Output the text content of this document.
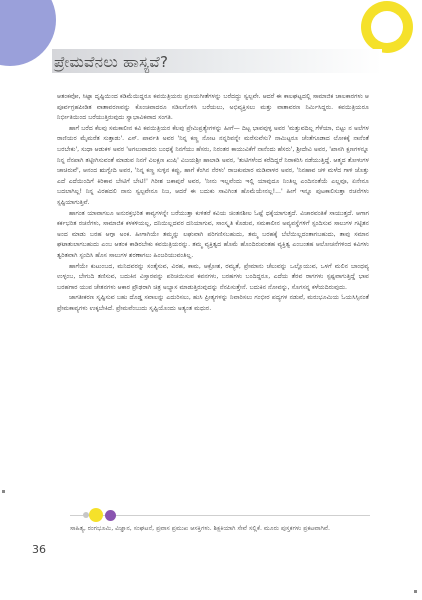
ಪ್ರೇಮವೆನಲು ಹಾಸ್ಯವೆ?

ಆತಂಕವೋ, ಸಿಟ್ಟಾ ದೃಷ್ಟಿಯಿಂದ ಕಡಿಮೆಯಿದ್ದರೂ ಕವಯಿತ್ರಿಯರು ಪ್ರಣಯಗೀತೆಗಳನ್ನು ಬರೆದದ್ದು ಸ್ವಲ್ಪವೇ. ಆದರೆ ಈ ಕಾಲಘಟ್ಟದಲ್ಲಿ ಸಾಮಾಜಿಕ ಚಾಲಕಾರಗಳು ಆ ಪೂರ್ವಗ್ರಹಪೀಡಿತ ವಾತಾವರಣವನ್ನು ಕೊಂಚವಾದರೂ ಸಡಿಲಗೊಳಿಸಿ ಬರೆಯಲು, ಅಭಿವ್ಯಕ್ತಿಸಲು ಮತ್ತು ವಾತಾವರಣ ನಿರ್ಮಿಸಿದ್ದರು. ಕವಯಿತ್ರಿಯರೂ ನಿರ್ಭೀತಿಯಿಂದ ಬರೆಯುತ್ತಿರುವುದು ಸ್ವಾಭಾವಿಕವಾದ ಸಂಗತಿ.

ಹಾಗೆ ಬರೆದ ಕೆಲವು ಸಮಕಾಲೀನ ಕವಿ ಕವಯಿತ್ರಿಯರ ಕೆಲವು ಪ್ರೇಮಿಪ್ರತ್ಯೇಗಳನ್ನು ಹೀಗೆ— ದಿಟ್ಟ ಭಾವವುಳ್ಳ ಅವರ 'ಮತ್ತುವದಿಲ್ಲ ಗೆಳೆಯಾ, ಬಿಟ್ಟು ನ ಅಲೆಗಳ ರಾಣಿಯರ ಮೈಮರೆತ ಸುತ್ತಾಡು'. ಎಸ್. ಪಾರ್ವತಿ ಅವರ 'ನಿನ್ನ ಕಣ್ಣ ನೋಟ ನನ್ನರಿವನ್ನೇ ಮರೆಸುವೆಸು? ನಾಮಿಟ್ಟರೂ ಚೆಂತೆಗೂಡಾದ ಲೋಕಕ್ಕೆ ನಾನೆಂತೆ ಬರಬೇಕು', ಸುಧಾ ಆಡುಕಳ ಅವರ 'ಅಗಲುವಾದರು ಬಂಧಕ್ಕೆ ನಿನಗೆಯು ಹೆಸರು, ನಿರಂತರ ಕಾಯುವಿಕೆಗೆ ನಾನೆಂದು ಹೆಸರು', ಶ್ರೀದೇವಿ ಅವರ, 'ಖಾಸಗಿ ಕ್ಷಣಗಳನ್ನೂ ನಿನ್ನ ನೆನಪಾಗಿ ತಟ್ಟೀಗಿಸುವಂತೆ ಮಾಡುವ ನಿನಗೆ ವಿಲಕ್ಷಣ ಖುಷಿ' ವಿಜಯಶ್ರೀ ಹಾಲಾಡಿ ಅವರ, 'ತುಟಿಗಳೆಂದ ಕರೆದಿದ್ದರೆ ನಿರಾಕರಿಸಿ ನಡೆಯುತ್ತಿದ್ದೆ. ಆತ್ಮದ ತೋಳುಗಳ ಚಾಚಿರುವೆ', ಆನಂದ ಋಗ್ವೇದಿ ಅವರ, 'ನಿನ್ನ ಕಣ್ಣ ಸುಳ್ಳಿನ ಕಪ್ಪು, ಹಾಗೆ ಕೆಂಗಿನ ನೆರಳು' ರಾಜಕುಮಾರ ಮಡಿವಾಳರ ಅವರ, 'ನಿನಹಾವ ಚಳಿ ಮಳೆದ ಗಾಳಿ ಜೊತ್ತು ಎದೆ ಎದೆಯಿಂದಿಗೆ ಕಿರಿಕಾವ ಬೇಟಿಗೆ ಬೇಟಿ!' ಗಿರೀಶ ಜಕಾಪುರೆ ಅವರ, 'ನೀನು ಇಲ್ಲವೆಂದು ಇಲ್ಲಿ ಯಾವುದೂ ನಿಂತಿಲ್ಲ ಎಂದಿನಂತೆಯೆ ಎಲ್ಲವೂ, ಏನೇನೂ ಬದಲಾಗಿಲ್ಲ! ನಿನ್ನ ವಿರಹದಲಿ ನಾನು ಸ್ವಲ್ಪವೇನೂ ನಿಜ, ಆದರೆ ಈ ಬದುಕು ಸಾವಿಗಿಂತ ಹೊಮೆಯೇನಲ್ಲ!...' ಹೀಗೆ ಇನ್ನೂ ಪುಟಕಾಲಿಸುತ್ತಾ ರಚನೆಗಳು ಸ್ಪಷ್ಟಿಯಾಗುತ್ತಿವೆ.

ಹಾಗಂತ ಯಾವಾಗಲೂ ಅನುರಕ್ತಭರಿತ ಕಾವ್ಯಗಳನ್ನೇ ಬರೆಯುತ್ತಾ ಕುಳಿತರೆ ಕವಿಯ ಚಿಂತನಶೀಲ ಓಷ್ಟೆ ಧಕ್ಕೆಯಾಗುತ್ತದೆ. ವಿಚಾರವಂತಿಕೆ ಸಾಯುತ್ತದೆ. ಆಗಾಗ ಕರ್ಕಭರಿತ ರಚನೆಗಳು, ಸಾಮಾಜಿಕ ಕಳಕಳಿಯಲ್ಲ, ದನಿಯಿಲ್ಲದವರ ದನಿಯಾಗುವ, ಸಾಂಸ್ಕೃತಿ ಕೊಡುವ, ಸಮಕಾಲೀನ ಅವ್ಯವಸ್ಥೆಗಳಿಗೆ ಸ್ಪಂದಿಸುವ ಸಾಲುಗಳ ಗಟ್ಟಿತನ ಅಂದ ಮಾಡು ಬರಹ ಆಗ್ಗಾ ಅಂಕ. ಹೀಗಾಗಿಯೇ ತಮ್ಮನ್ನು ಲಘುವಾಗಿ ಪರಿಗಣಿಸಬಹುದು, ತಮ್ಮ ಬರಹಕ್ಕೆ ಬೆಲೆಯಿಲ್ಲದಂತಾಗಬಹುದು, ತಾವು ಸಮಾನ ಘಟಾತುಲಾಗಬಹುದು ಎಂಬ ಆತಂಕ ಕಾಡಿರಬೇಕು ಕವಯಿತ್ರಿಯರನ್ನು. ತಮ್ಮ ವ್ಯಕ್ತಿತ್ವದ ಹೊಮೆ ಹೊಂದಿರುವಂತಹ ವ್ಯಕ್ತಿತ್ವ ಎಂಬಂತಹ ಆಲೋಚನೆಗಳಿಂದ ಕವಿಗಳು ತ್ವರಿತವಾಗಿ ಸ್ಪಂದಿಸಿ ಹೊಸ ಸಾಲುಗಳ ಶರಣಾಗಲು ಹಿಂಜರಿಯುವಂತಿಲ್ಲ.

ಹಾಗೆಯೇ ಕುಟುಂಬದ, ಮನಿದವರನ್ನು ಸಂತೈಸುವ, ವಿರಹ, ಕಾಮ, ಆಕ್ರೋಶ, ರಮ್ಯತೆ, ಪ್ರೇಮಾನು ಚೆಲುವನ್ನು ಒಲ್ಲೊಯುವ, ಒಳಗೆ ಮಲಿನ ಬಾಂಧವ್ಯ ಉಳ್ಳಂಬ, ಬೇಗುದಿ ತಣಿಸುವ, ಬದುಕಿನ ವಿಸ್ತಾರವನ್ನು ಪರಿಚಯಿಸುವ ಕವನಗಳು, ಬರಹಗಳು ಬಂದಿದ್ದರೂ, ಎದೆಯ ತೆರವ ರಾಗಗಳು ಸ್ಪಷ್ಟವಾಗುತ್ತಿದ್ದೆ ಭಾವ ಬರಹಗಾರ ಯುವ ಚೇತನಗಳು ಆಕಾರ ಪ್ರೌಢರಾಗಿ ಚಿತ್ರ ಅಭ್ಯಾಸ ಮಾಡುತ್ತಿರುವುದನ್ನು ನೆನಪಿಸುತ್ತೇನೆ. ಬದುಕಿನ ನೋವನ್ನು, ಸೊಗಸನ್ನ ಕಳೆಯದಿರುವುದು.

ಜಾಗತೀಕರಣ ಸೃಷ್ಟಿಸುವ ಬಹು ದೊಡ್ಡ ಸವಾಲನ್ನು ಎದುರಿಸಲು, ಹುಸಿ ಪ್ರೀತ್ಯಗಳನ್ನು ನಿವಾರಿಸಲು ಗಂಭೀರ ಪದ್ಯಗಳ ನಡುವೆ, ಮರುಭೂಮಿಯ ಓಯಸಿಸ್ಸಿನಂತೆ ಪ್ರೇಮಕಾವ್ಯಗಳು ಉಕ್ಕಬೇಕಿದೆ. ಪ್ರೇಮವೆಂಬುದು ಸೃಷ್ಟಿಯೊಂದು ಅತ್ಯಂತ ಮಧುರ.

ಸಾಹಿತ್ಯ, ರಂಗಭೂಮಿ, ವಿಜ್ಞಾನ, ಸಂಘಟನೆ, ಪ್ರವಾಸ ಪ್ರಮುಖ ಆಸಕ್ತಿಗಳು. ಶಿಕ್ಷಕಿಯಾಗಿ ಸೇವೆ ಸಲ್ಲಿಕೆ. ಮೂರು ಪುಸ್ತಕಗಳು ಪ್ರಕಟವಾಗಿವೆ.
36
